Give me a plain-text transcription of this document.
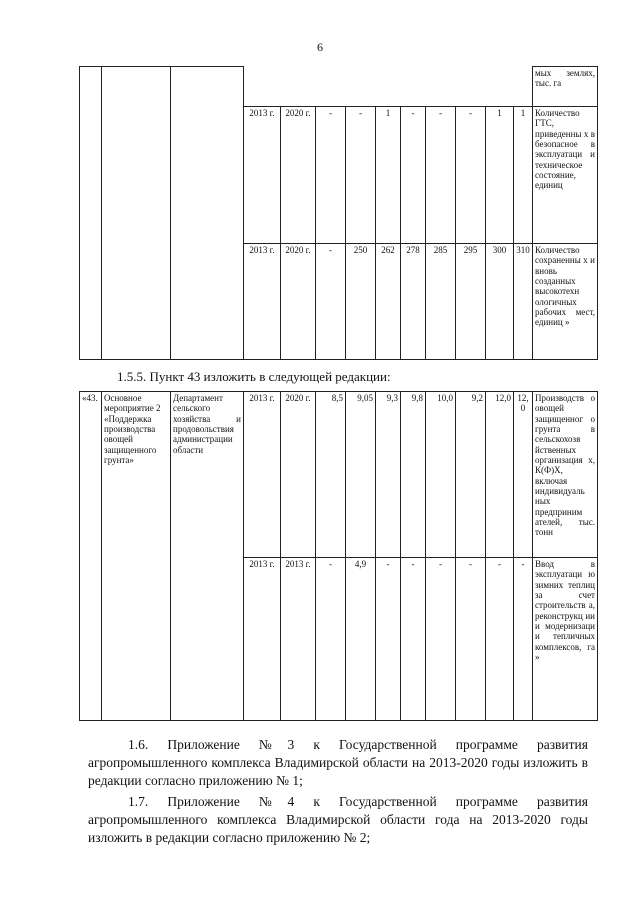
6
													мых землях, тыс. га
			2013 г.	2020 г.	-	-	1	-	-	-	1	1	Количество ГТС, приведенны х в безопасное в эксплуатаци и техническое состояние, единиц
			2013 г.	2020 г.	-	250	262	278	285	295	300	310	Количество сохраненны х и вновь созданных высокотехн ологичных рабочих мест, единиц »
1.5.5. Пункт 43 изложить в следующей редакции:
«43.	Основное мероприятие 2 «Поддержка производства овощей защищенного грунта»	Департамент сельского хозяйства и продовольствия администрации области	2013 г.	2020 г.	8,5	9,05	9,3	9,8	10,0	9,2	12,0	12, 0	Производств о овощей защищенног о грунта в сельскохозя йственных организация х, К(Ф)Х, включая индивидуаль ных предприним ателей, тыс. тонн
			2013 г.	2013 г.	-	4,9	-	-	-	-	-	-	Ввод в эксплуатаци ю зимних теплиц за счет строительств а, реконструкц ии и модернизаци и тепличных комплексов, га »
1.6. Приложение №3 к Государственной программе развития агропромышленного комплекса Владимирской области на 2013-2020 годы изложить в редакции согласно приложению № 1;
1.7. Приложение №4 к Государственной программе развития агропромышленного комплекса Владимирской области года на 2013-2020 годы изложить в редакции согласно приложению № 2;
